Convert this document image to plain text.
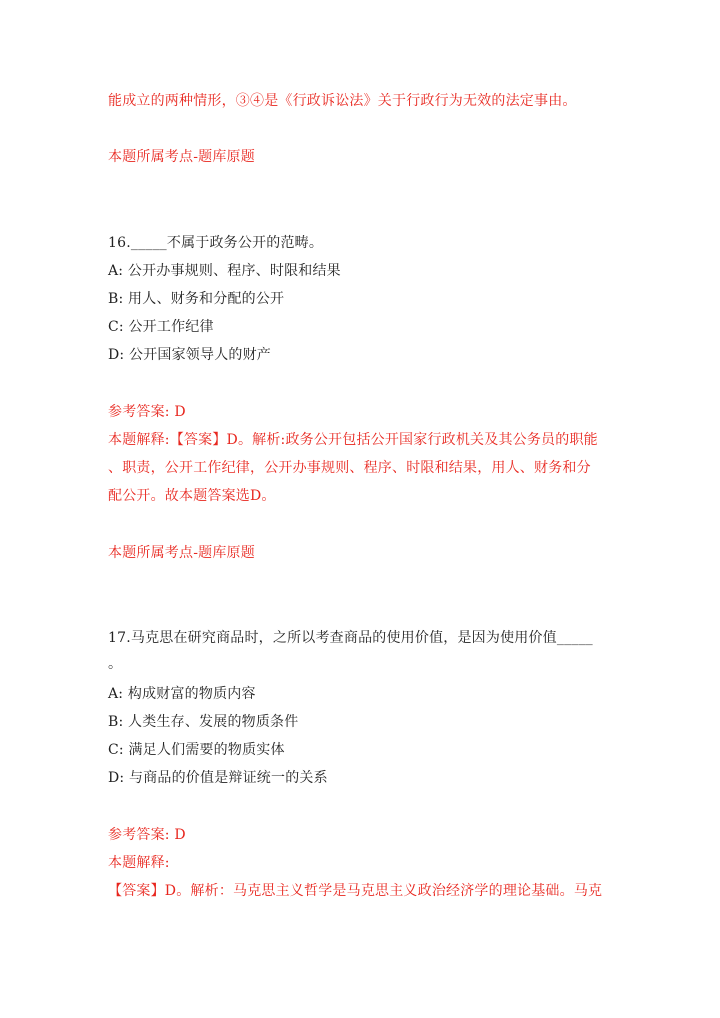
能成立的两种情形，③④是《行政诉讼法》关于行政行为无效的法定事由。
本题所属考点-题库原题
16._____不属于政务公开的范畴。
A: 公开办事规则、程序、时限和结果
B: 用人、财务和分配的公开
C: 公开工作纪律
D: 公开国家领导人的财产
参考答案: D
本题解释:【答案】D。解析:政务公开包括公开国家行政机关及其公务员的职能
、职责，公开工作纪律，公开办事规则、程序、时限和结果，用人、财务和分
配公开。故本题答案选D。
本题所属考点-题库原题
17.马克思在研究商品时，之所以考查商品的使用价值，是因为使用价值_____
。
A: 构成财富的物质内容
B: 人类生存、发展的物质条件
C: 满足人们需要的物质实体
D: 与商品的价值是辩证统一的关系
参考答案: D
本题解释:
【答案】D。解析：马克思主义哲学是马克思主义政治经济学的理论基础。马克
